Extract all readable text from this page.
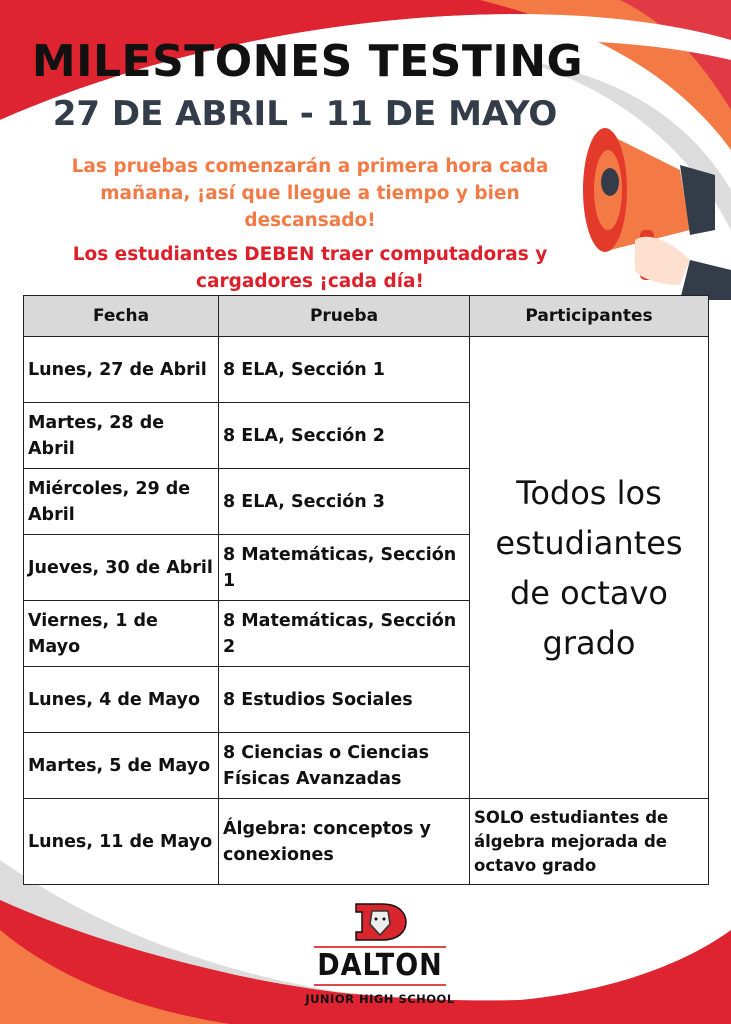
MILESTONES TESTING
27 DE ABRIL - 11 DE MAYO
Las pruebas comenzarán a primera hora cada mañana, ¡así que llegue a tiempo y bien descansado!
Los estudiantes DEBEN traer computadoras y cargadores ¡cada día!
Fecha	Prueba	Participantes
Lunes, 27 de Abril	8 ELA, Sección 1	Todos los estudiantes de octavo grado
Martes, 28 de Abril	8 ELA, Sección 2	
Miércoles, 29 de Abril	8 ELA, Sección 3	
Jueves, 30 de Abril	8 Matemáticas, Sección 1	
Viernes, 1 de Mayo	8 Matemáticas, Sección 2	
Lunes, 4 de Mayo	8 Estudios Sociales	
Martes, 5 de Mayo	8 Ciencias o Ciencias Físicas Avanzadas	
Lunes, 11 de Mayo	Álgebra: conceptos y conexiones	SOLO estudiantes de álgebra mejorada de octavo grado
DALTON
JUNIOR HIGH SCHOOL
